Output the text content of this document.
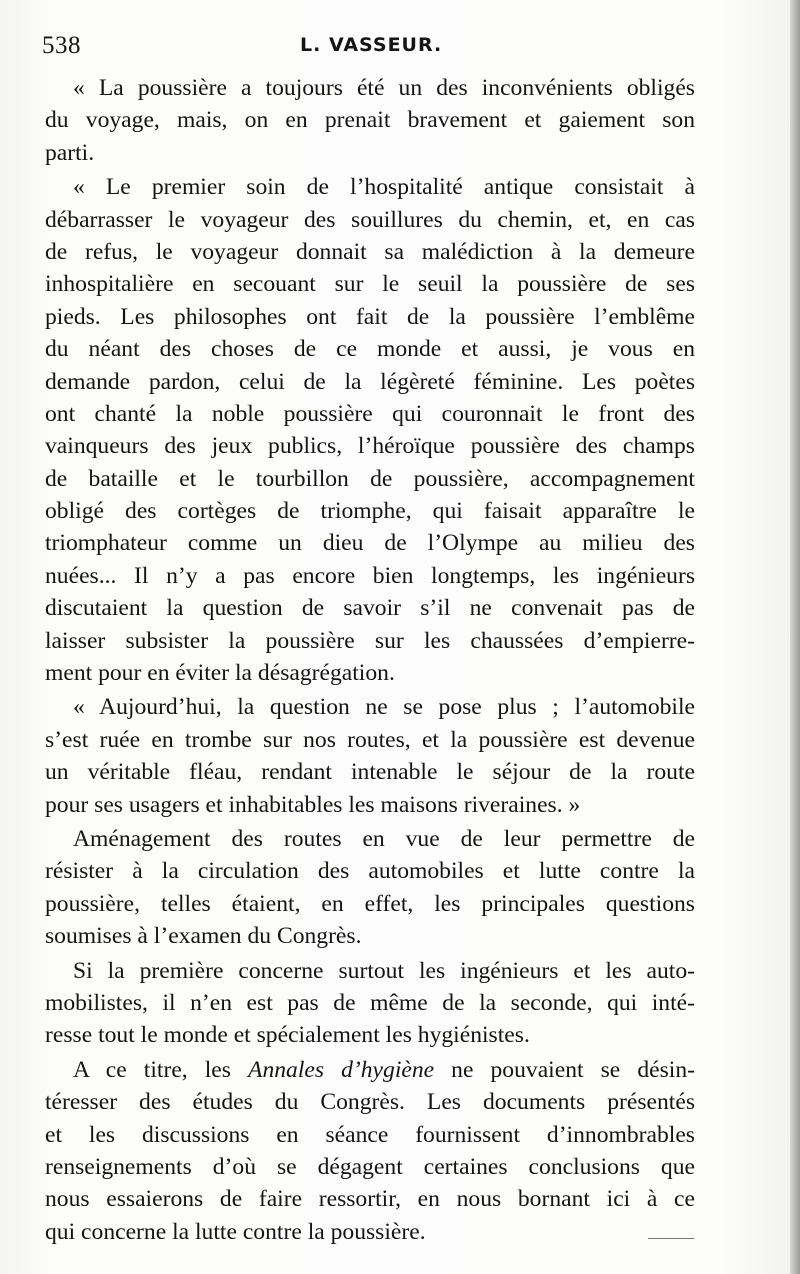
538	L. VASSEUR.
« La poussière a toujours été un des inconvénients obligés
du voyage, mais, on en prenait bravement et gaiement son
parti.
« Le premier soin de l’hospitalité antique consistait à
débarrasser le voyageur des souillures du chemin, et, en cas
de refus, le voyageur donnait sa malédiction à la demeure
inhospitalière en secouant sur le seuil la poussière de ses
pieds. Les philosophes ont fait de la poussière l’emblême
du néant des choses de ce monde et aussi, je vous en
demande pardon, celui de la légèreté féminine. Les poètes
ont chanté la noble poussière qui couronnait le front des
vainqueurs des jeux publics, l’héroïque poussière des champs
de bataille et le tourbillon de poussière, accompagnement
obligé des cortèges de triomphe, qui faisait apparaître le
triomphateur comme un dieu de l’Olympe au milieu des
nuées... Il n’y a pas encore bien longtemps, les ingénieurs
discutaient la question de savoir s’il ne convenait pas de
laisser subsister la poussière sur les chaussées d’empierre-
ment pour en éviter la désagrégation.
« Aujourd’hui, la question ne se pose plus ; l’automobile
s’est ruée en trombe sur nos routes, et la poussière est devenue
un véritable fléau, rendant intenable le séjour de la route
pour ses usagers et inhabitables les maisons riveraines. »
Aménagement des routes en vue de leur permettre de
résister à la circulation des automobiles et lutte contre la
poussière, telles étaient, en effet, les principales questions
soumises à l’examen du Congrès.
Si la première concerne surtout les ingénieurs et les auto-
mobilistes, il n’en est pas de même de la seconde, qui inté-
resse tout le monde et spécialement les hygiénistes.
A ce titre, les Annales d’hygiène ne pouvaient se désin-
téresser des études du Congrès. Les documents présentés
et les discussions en séance fournissent d’innombrables
renseignements d’où se dégagent certaines conclusions que
nous essaierons de faire ressortir, en nous bornant ici à ce
qui concerne la lutte contre la poussière.
